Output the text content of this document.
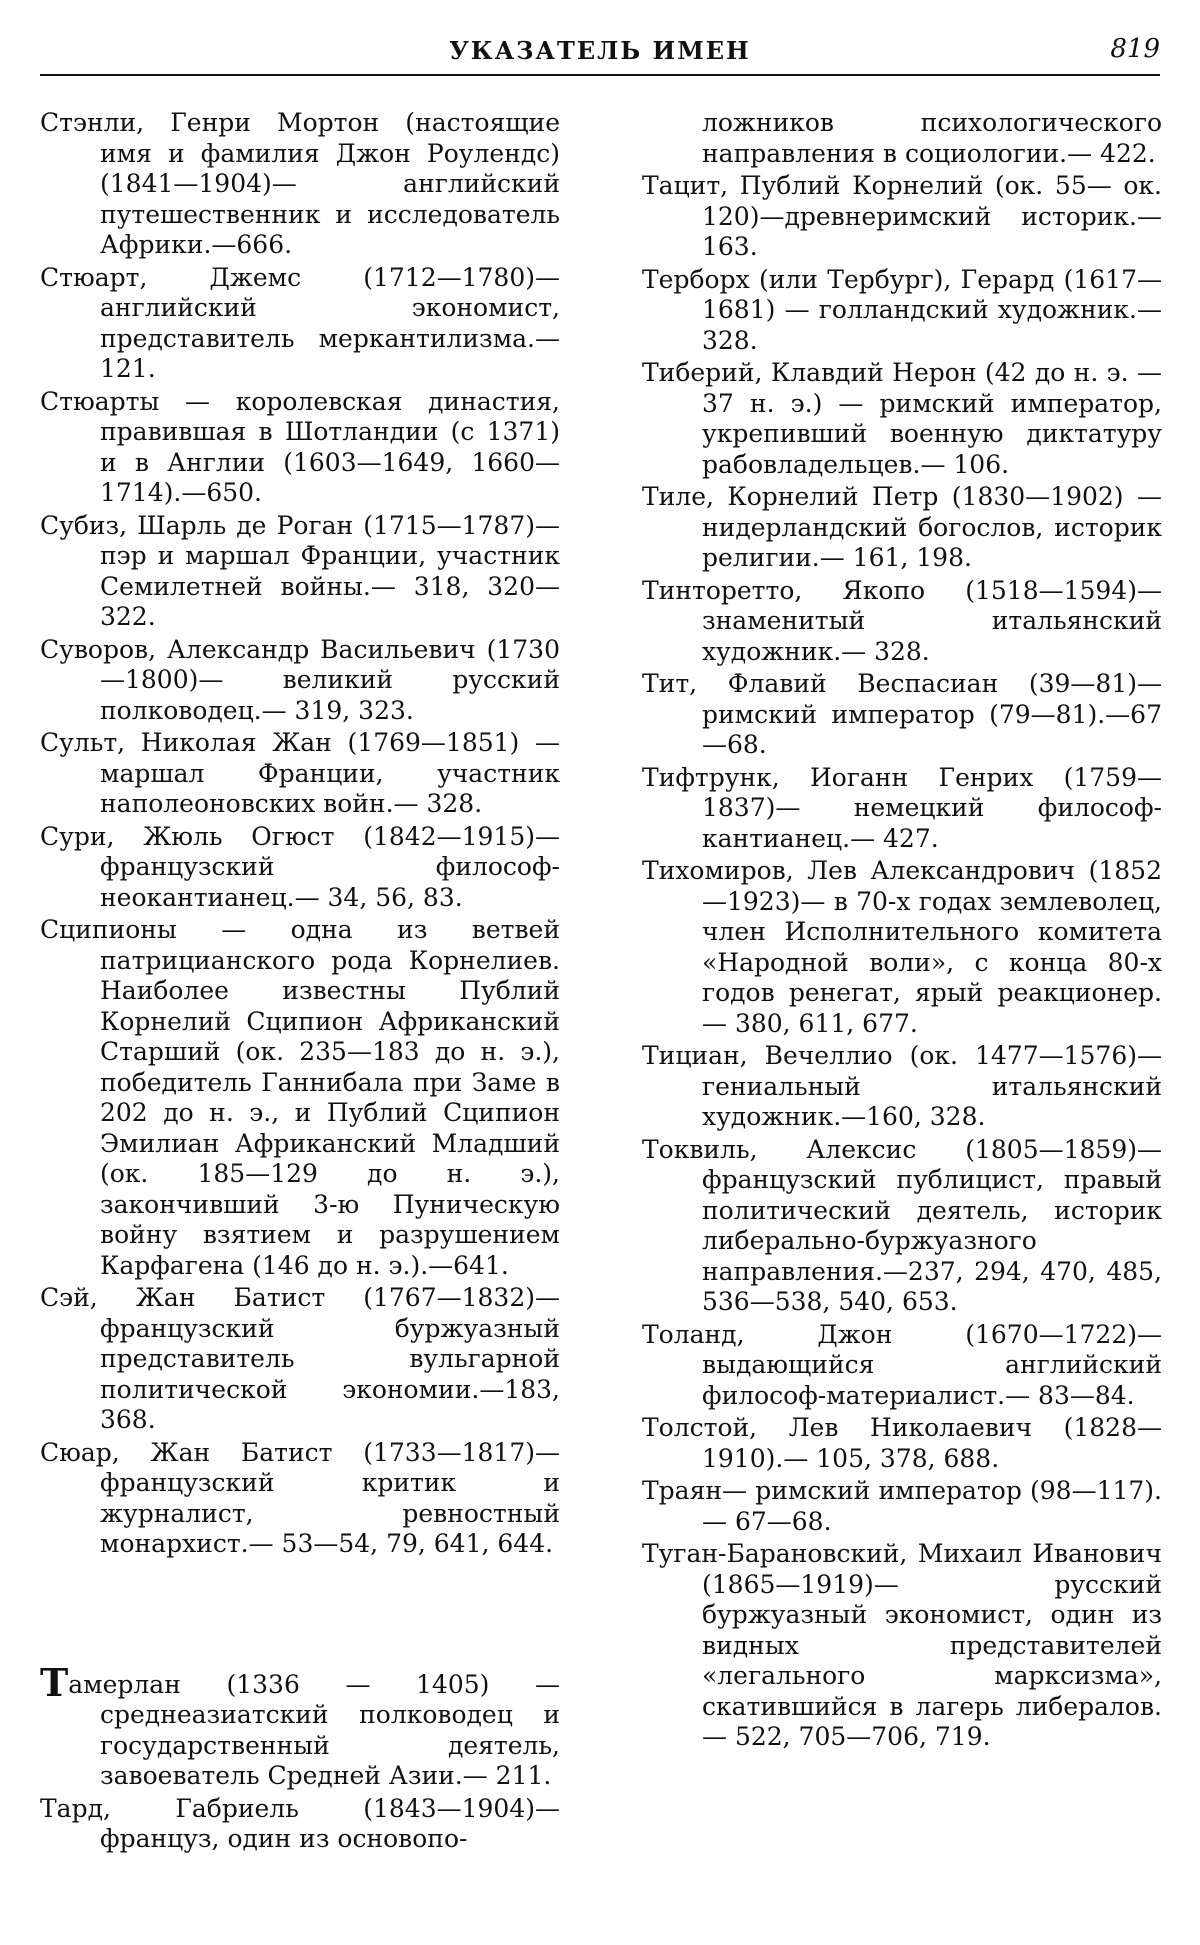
УКАЗАТЕЛЬ ИМЕН	819

Стэнли, Генри Мортон (настоящие имя и фамилия Джон Роулендс) (1841—1904)— английский путешественник и исследователь Африки.—666.

Стюарт, Джемс (1712—1780)—английский экономист, представитель меркантилизма.— 121.

Стюарты — королевская династия, правившая в Шотландии (с 1371) и в Англии (1603—1649, 1660—1714).—650.

Субиз, Шарль де Роган (1715—1787)— пэр и маршал Франции, участник Семилетней войны.— 318, 320—322.

Суворов, Александр Васильевич (1730—1800)— великий русский полководец.— 319, 323.

Сульт, Николая Жан (1769—1851) — маршал Франции, участник наполеоновских войн.— 328.

Сури, Жюль Огюст (1842—1915)— французский философ-неокантианец.— 34, 56, 83.

Сципионы — одна из ветвей патрицианского рода Корнелиев. Наиболее известны Публий Корнелий Сципион Африканский Старший (ок. 235—183 до н. э.), победитель Ганнибала при Заме в 202 до н. э., и Публий Сципион Эмилиан Африканский Младший (ок. 185—129 до н. э.), закончивший 3-ю Пуническую войну взятием и разрушением Карфагена (146 до н. э.).—641.

Сэй, Жан Батист (1767—1832)— французский буржуазный представитель вульгарной политической экономии.—183, 368.

Сюар, Жан Батист (1733—1817)— французский критик и журналист, ревностный монархист.— 53—54, 79, 641, 644.

Тамерлан (1336 — 1405) — среднеазиатский полководец и государственный деятель, завоеватель Средней Азии.— 211.

Тард, Габриель (1843—1904)— француз, один из основопо-

ложников психологического направления в социологии.— 422.

Тацит, Публий Корнелий (ок. 55— ок. 120)—древнеримский историк.— 163.

Терборх (или Тербург), Герард (1617—1681) — голландский художник.— 328.

Тиберий, Клавдий Нерон (42 до н. э. — 37 н. э.) — римский император, укрепивший военную диктатуру рабовладельцев.— 106.

Тиле, Корнелий Петр (1830—1902) — нидерландский богослов, историк религии.— 161, 198.

Тинторетто, Якопо (1518—1594)— знаменитый итальянский художник.— 328.

Тит, Флавий Веспасиан (39—81)— римский император (79—81).—67—68.

Тифтрунк, Иоганн Генрих (1759—1837)— немецкий философ-кантианец.— 427.

Тихомиров, Лев Александрович (1852—1923)— в 70-х годах землеволец, член Исполнительного комитета «Народной воли», с конца 80-х годов ренегат, ярый реакционер.— 380, 611, 677.

Тициан, Вечеллио (ок. 1477—1576)— гениальный итальянский художник.—160, 328.

Токвиль, Алексис (1805—1859)— французский публицист, правый политический деятель, историк либерально-буржуазного направления.—237, 294, 470, 485, 536—538, 540, 653.

Толанд, Джон (1670—1722)— выдающийся английский философ-материалист.— 83—84.

Толстой, Лев Николаевич (1828—1910).— 105, 378, 688.

Траян— римский император (98—117).— 67—68.

Туган-Барановский, Михаил Иванович (1865—1919)— русский буржуазный экономист, один из видных представителей «легального марксизма», скатившийся в лагерь либералов.— 522, 705—706, 719.
